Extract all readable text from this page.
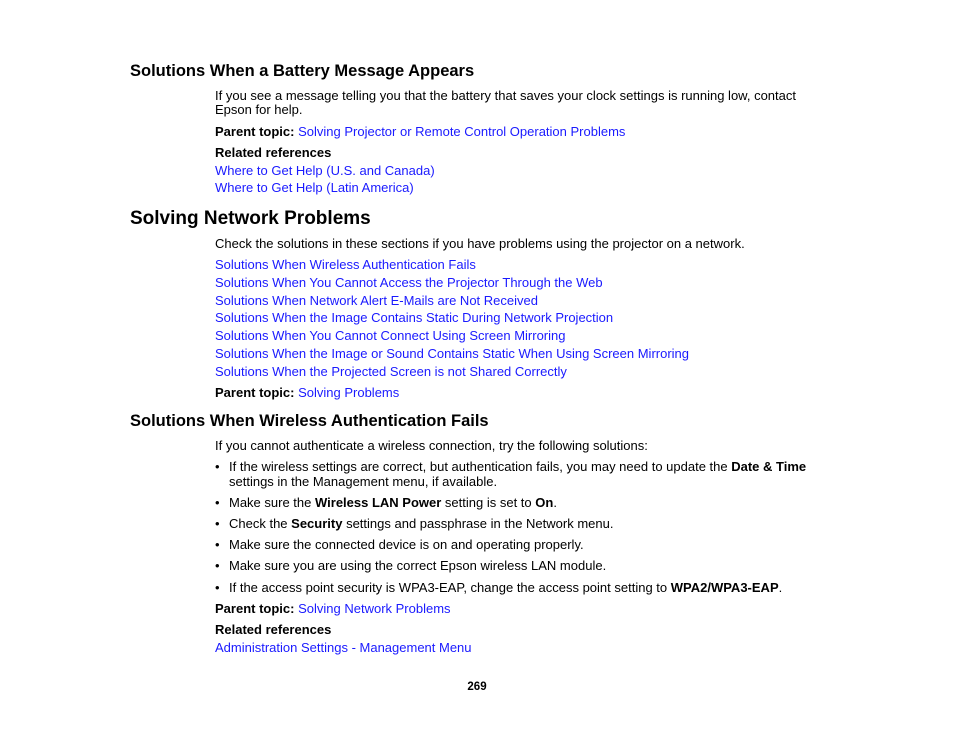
Solutions When a Battery Message Appears
If you see a message telling you that the battery that saves your clock settings is running low, contact
Epson for help.
Parent topic: Solving Projector or Remote Control Operation Problems
Related references
Where to Get Help (U.S. and Canada)
Where to Get Help (Latin America)
Solving Network Problems
Check the solutions in these sections if you have problems using the projector on a network.
Solutions When Wireless Authentication Fails
Solutions When You Cannot Access the Projector Through the Web
Solutions When Network Alert E-Mails are Not Received
Solutions When the Image Contains Static During Network Projection
Solutions When You Cannot Connect Using Screen Mirroring
Solutions When the Image or Sound Contains Static When Using Screen Mirroring
Solutions When the Projected Screen is not Shared Correctly
Parent topic: Solving Problems
Solutions When Wireless Authentication Fails
If you cannot authenticate a wireless connection, try the following solutions:
• If the wireless settings are correct, but authentication fails, you may need to update the Date & Time
settings in the Management menu, if available.
• Make sure the Wireless LAN Power setting is set to On.
• Check the Security settings and passphrase in the Network menu.
• Make sure the connected device is on and operating properly.
• Make sure you are using the correct Epson wireless LAN module.
• If the access point security is WPA3-EAP, change the access point setting to WPA2/WPA3-EAP.
Parent topic: Solving Network Problems
Related references
Administration Settings - Management Menu
269
